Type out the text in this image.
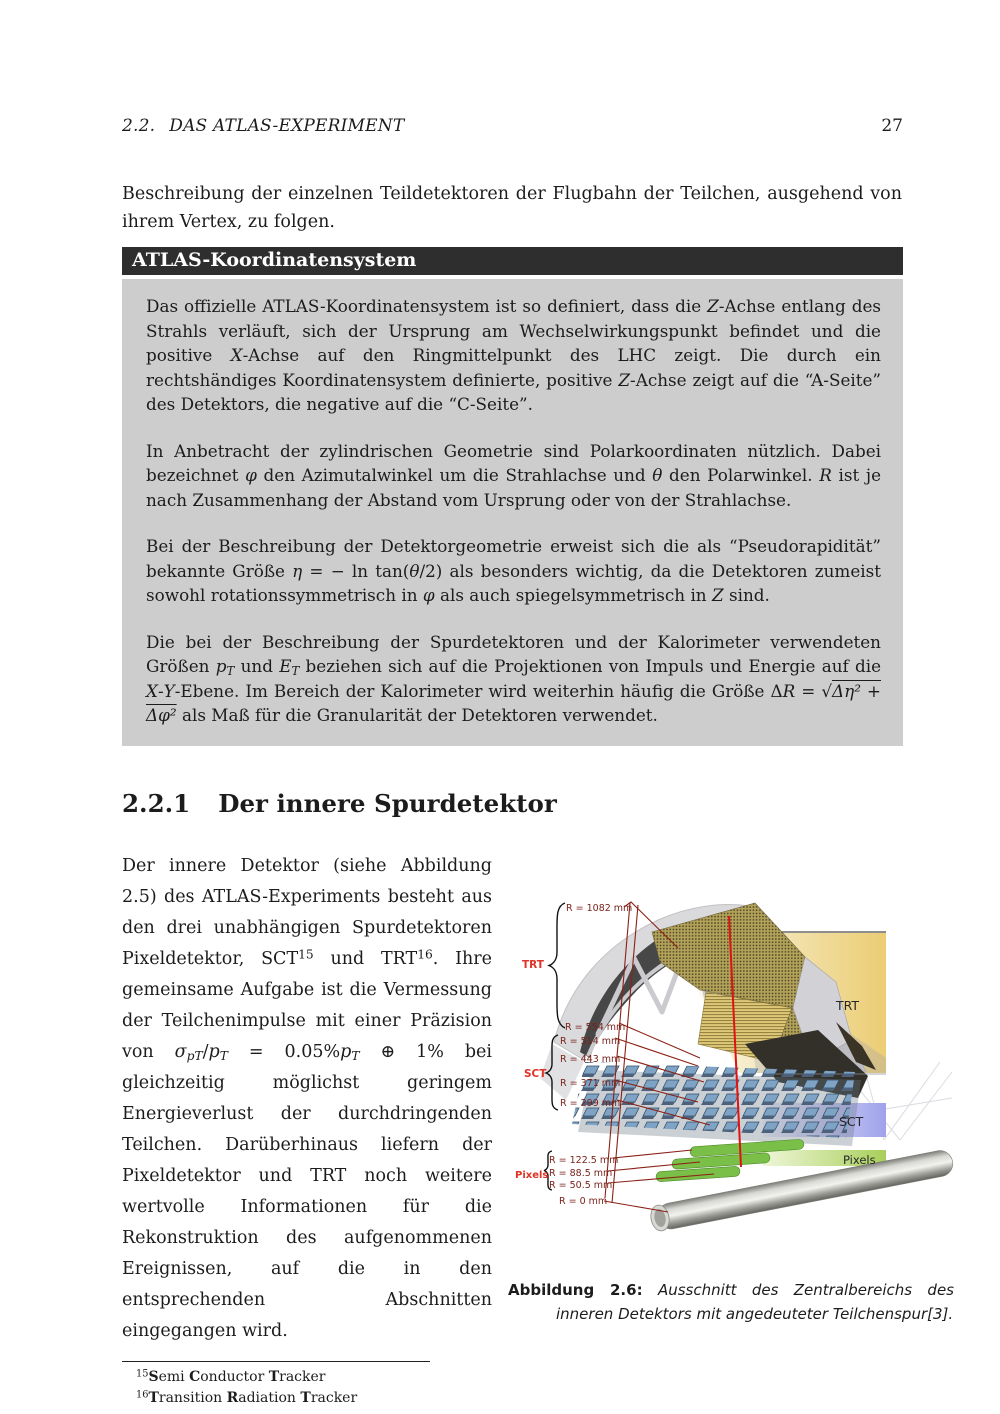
2.2. DAS ATLAS-EXPERIMENT	27

Beschreibung der einzelnen Teildetektoren der Flugbahn der Teilchen, ausgehend von ihrem Vertex, zu folgen.

ATLAS-Koordinatensystem

Das offizielle ATLAS-Koordinatensystem ist so definiert, dass die Z-Achse entlang des Strahls verläuft, sich der Ursprung am Wechselwirkungspunkt befindet und die positive X-Achse auf den Ringmittelpunkt des LHC zeigt. Die durch ein rechtshändiges Koordinatensystem definierte, positive Z-Achse zeigt auf die “A-Seite” des Detektors, die negative auf die “C-Seite”.

In Anbetracht der zylindrischen Geometrie sind Polarkoordinaten nützlich. Dabei bezeichnet φ den Azimutalwinkel um die Strahlachse und θ den Polarwinkel. R ist je nach Zusammenhang der Abstand vom Ursprung oder von der Strahlachse.

Bei der Beschreibung der Detektorgeometrie erweist sich die als “Pseudorapidität” bekannte Größe η = − ln tan(θ/2) als besonders wichtig, da die Detektoren zumeist sowohl rotationssymmetrisch in φ als auch spiegelsymmetrisch in Z sind.

Die bei der Beschreibung der Spurdetektoren und der Kalorimeter verwendeten Größen pT und ET beziehen sich auf die Projektionen von Impuls und Energie auf die X-Y-Ebene. Im Bereich der Kalorimeter wird weiterhin häufig die Größe ΔR = √Δη² + Δφ² als Maß für die Granularität der Detektoren verwendet.

2.2.1 Der innere Spurdetektor

Der innere Detektor (siehe Abbildung 2.5) des ATLAS-Experiments besteht aus den drei unabhängigen Spurdetektoren Pixeldetektor, SCT$^{15}$ und TRT$^{16}$. Ihre gemeinsame Aufgabe ist die Vermessung der Teilchenimpulse mit einer Präzision von σpT/pT = 0.05%pT ⊕ 1% bei gleichzeitig möglichst geringem Energieverlust der durchdringenden Teilchen. Darüberhinaus liefern der Pixeldetektor und TRT noch weitere wertvolle Informationen für die Rekonstruktion des aufgenommenen Ereignissen, auf die in den entsprechenden Abschnitten eingegangen wird.

$^{15}$Semi Conductor Tracker

$^{16}$Transition Radiation Tracker

R = 1082 mm
R = 554 mm
R = 514 mm
R = 443 mm
R = 371 mm
R = 299 mm
R = 122.5 mm
R = 88.5 mm
R = 50.5 mm
R = 0 mm
TRT
SCT
Pixels
TRT
SCT
Pixels

Abbildung 2.6: Ausschnitt des Zentralbereichs des inneren Detektors mit angedeuteter Teilchenspur[3].
